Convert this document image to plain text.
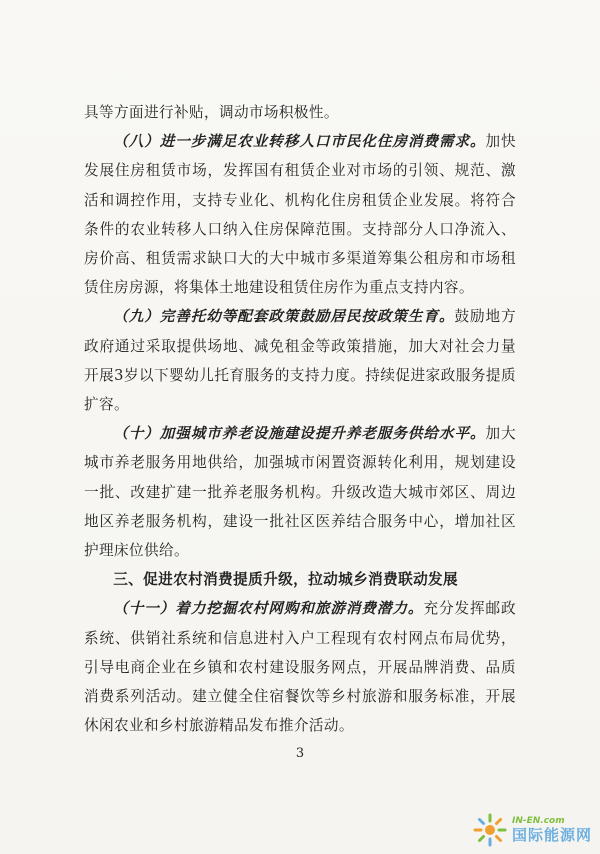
具等方面进行补贴，调动市场积极性。

（八）进一步满足农业转移人口市民化住房消费需求。加快发展住房租赁市场，发挥国有租赁企业对市场的引领、规范、激活和调控作用，支持专业化、机构化住房租赁企业发展。将符合条件的农业转移人口纳入住房保障范围。支持部分人口净流入、房价高、租赁需求缺口大的大中城市多渠道筹集公租房和市场租赁住房房源，将集体土地建设租赁住房作为重点支持内容。

（九）完善托幼等配套政策鼓励居民按政策生育。鼓励地方政府通过采取提供场地、减免租金等政策措施，加大对社会力量开展3岁以下婴幼儿托育服务的支持力度。持续促进家政服务提质扩容。

（十）加强城市养老设施建设提升养老服务供给水平。加大城市养老服务用地供给，加强城市闲置资源转化利用，规划建设一批、改建扩建一批养老服务机构。升级改造大城市郊区、周边地区养老服务机构，建设一批社区医养结合服务中心，增加社区护理床位供给。

三、促进农村消费提质升级，拉动城乡消费联动发展

（十一）着力挖掘农村网购和旅游消费潜力。充分发挥邮政系统、供销社系统和信息进村入户工程现有农村网点布局优势，引导电商企业在乡镇和农村建设服务网点，开展品牌消费、品质消费系列活动。建立健全住宿餐饮等乡村旅游和服务标准，开展休闲农业和乡村旅游精品发布推介活动。

3
IN-EN.com
国际能源网
